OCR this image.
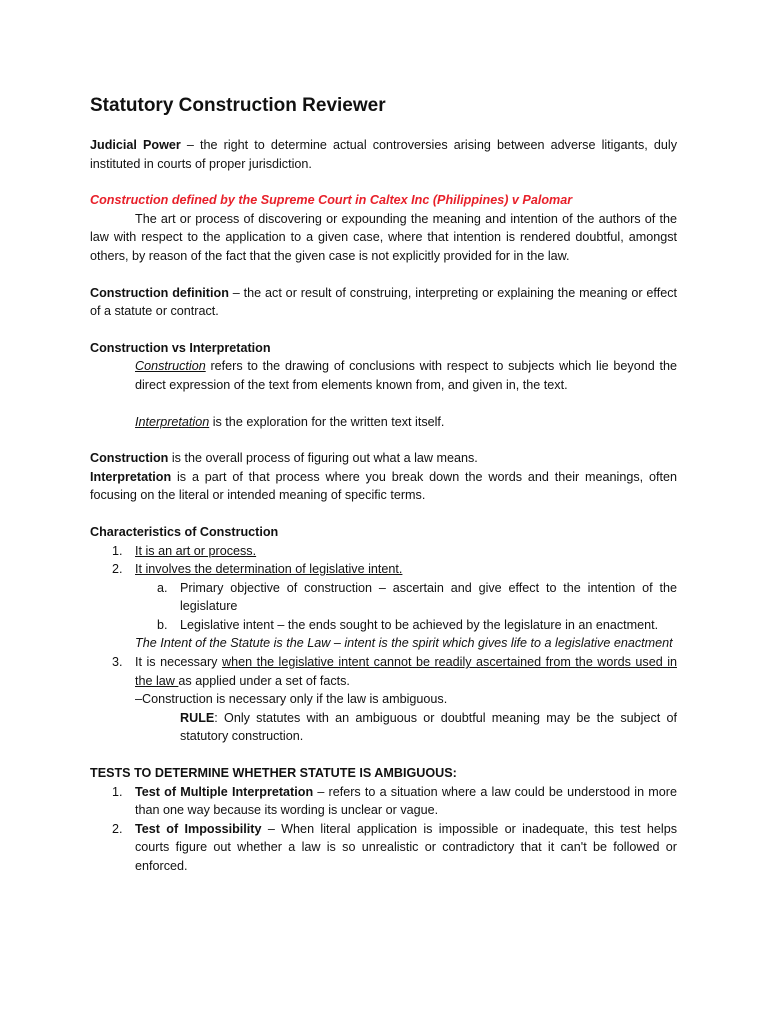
Statutory Construction Reviewer

Judicial Power – the right to determine actual controversies arising between adverse litigants, duly instituted in courts of proper jurisdiction.

Construction defined by the Supreme Court in Caltex Inc (Philippines) v Palomar

The art or process of discovering or expounding the meaning and intention of the authors of the law with respect to the application to a given case, where that intention is rendered doubtful, amongst others, by reason of the fact that the given case is not explicitly provided for in the law.

Construction definition – the act or result of construing, interpreting or explaining the meaning or effect of a statute or contract.

Construction vs Interpretation

Construction refers to the drawing of conclusions with respect to subjects which lie beyond the direct expression of the text from elements known from, and given in, the text.

Interpretation is the exploration for the written text itself.

Construction is the overall process of figuring out what a law means.

Interpretation is a part of that process where you break down the words and their meanings, often focusing on the literal or intended meaning of specific terms.

Characteristics of Construction

1. It is an art or process.
2. It involves the determination of legislative intent.
a. Primary objective of construction – ascertain and give effect to the intention of the legislature
b. Legislative intent – the ends sought to be achieved by the legislature in an enactment.

The Intent of the Statute is the Law – intent is the spirit which gives life to a legislative enactment

3. It is necessary when the legislative intent cannot be readily ascertained from the words used in the law as applied under a set of facts.

–Construction is necessary only if the law is ambiguous.

RULE: Only statutes with an ambiguous or doubtful meaning may be the subject of statutory construction.

TESTS TO DETERMINE WHETHER STATUTE IS AMBIGUOUS:

1. Test of Multiple Interpretation – refers to a situation where a law could be understood in more than one way because its wording is unclear or vague.
2. Test of Impossibility – When literal application is impossible or inadequate, this test helps courts figure out whether a law is so unrealistic or contradictory that it can't be followed or enforced.
